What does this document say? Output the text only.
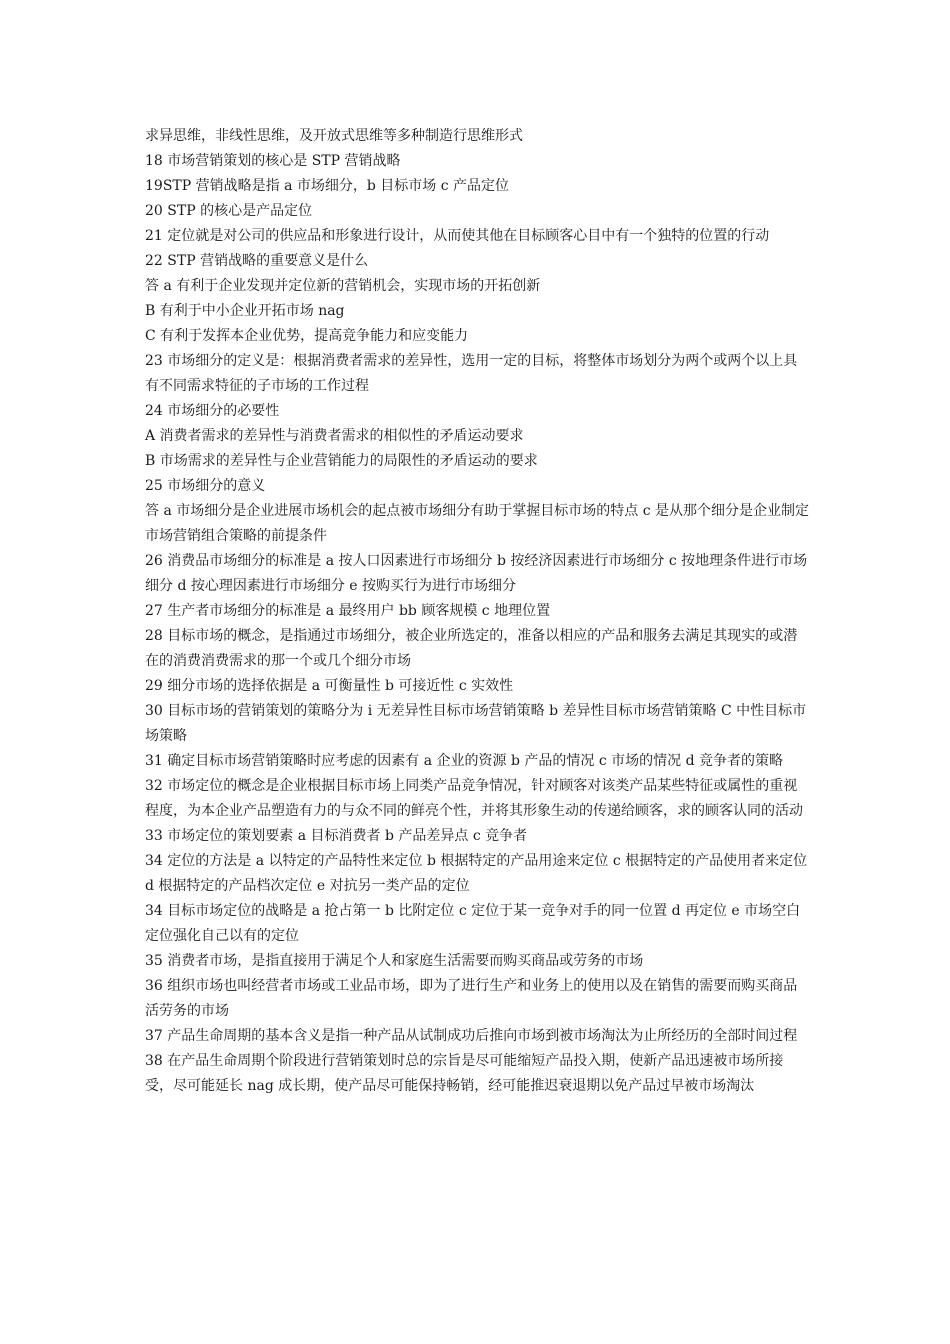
求异思维，非线性思维，及开放式思维等多种制造行思维形式

18 市场营销策划的核心是 STP 营销战略

19STP 营销战略是指 a 市场细分，b 目标市场 c 产品定位

20 STP 的核心是产品定位

21 定位就是对公司的供应品和形象进行设计，从而使其他在目标顾客心目中有一个独特的位置的行动

22 STP 营销战略的重要意义是什么

答 a 有利于企业发现并定位新的营销机会，实现市场的开拓创新

B 有利于中小企业开拓市场 nag

C 有利于发挥本企业优势，提高竞争能力和应变能力

23 市场细分的定义是：根据消费者需求的差异性，选用一定的目标，将整体市场划分为两个或两个以上具有不同需求特征的子市场的工作过程

24 市场细分的必要性

A 消费者需求的差异性与消费者需求的相似性的矛盾运动要求

B 市场需求的差异性与企业营销能力的局限性的矛盾运动的要求

25 市场细分的意义

答 a 市场细分是企业进展市场机会的起点被市场细分有助于掌握目标市场的特点 c 是从那个细分是企业制定市场营销组合策略的前提条件

26 消费品市场细分的标准是 a 按人口因素进行市场细分 b 按经济因素进行市场细分 c 按地理条件进行市场细分 d 按心理因素进行市场细分 e 按购买行为进行市场细分

27 生产者市场细分的标准是 a 最终用户 bb 顾客规模 c 地理位置

28 目标市场的概念，是指通过市场细分，被企业所选定的，准备以相应的产品和服务去满足其现实的或潜在的消费消费需求的那一个或几个细分市场

29 细分市场的选择依据是 a 可衡量性 b 可接近性 c 实效性

30 目标市场的营销策划的策略分为 i 无差异性目标市场营销策略 b 差异性目标市场营销策略 C 中性目标市场策略

31 确定目标市场营销策略时应考虑的因素有 a 企业的资源 b 产品的情况 c 市场的情况 d 竞争者的策略

32 市场定位的概念是企业根据目标市场上同类产品竞争情况，针对顾客对该类产品某些特征或属性的重视程度，为本企业产品塑造有力的与众不同的鲜亮个性，并将其形象生动的传递给顾客，求的顾客认同的活动

33 市场定位的策划要素 a 目标消费者 b 产品差异点 c 竞争者

34 定位的方法是 a 以特定的产品特性来定位 b 根据特定的产品用途来定位 c 根据特定的产品使用者来定位 d 根据特定的产品档次定位 e 对抗另一类产品的定位

34 目标市场定位的战略是 a 抢占第一 b 比附定位 c 定位于某一竞争对手的同一位置 d 再定位 e 市场空白定位强化自己以有的定位

35 消费者市场，是指直接用于满足个人和家庭生活需要而购买商品或劳务的市场

36 组织市场也叫经营者市场或工业品市场，即为了进行生产和业务上的使用以及在销售的需要而购买商品活劳务的市场

37 产品生命周期的基本含义是指一种产品从试制成功后推向市场到被市场淘汰为止所经历的全部时间过程

38 在产品生命周期个阶段进行营销策划时总的宗旨是尽可能缩短产品投入期，使新产品迅速被市场所接受，尽可能延长 nag 成长期，使产品尽可能保持畅销，经可能推迟衰退期以免产品过早被市场淘汰
